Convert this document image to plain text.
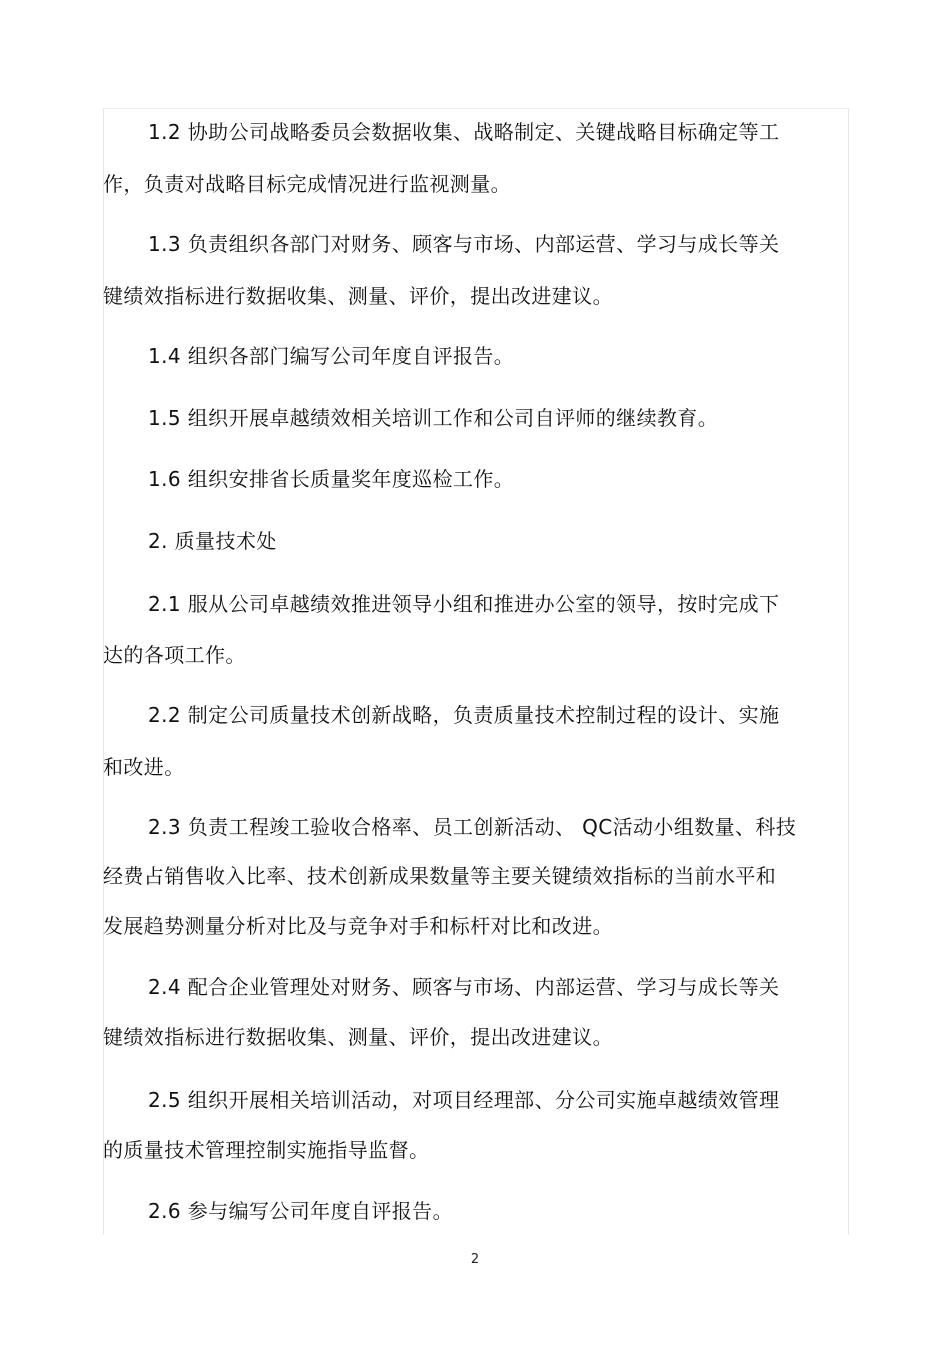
1.2 协助公司战略委员会数据收集、战略制定、关键战略目标确定等工
作，负责对战略目标完成情况进行监视测量。
1.3 负责组织各部门对财务、顾客与市场、内部运营、学习与成长等关
键绩效指标进行数据收集、测量、评价，提出改进建议。
1.4 组织各部门编写公司年度自评报告。
1.5 组织开展卓越绩效相关培训工作和公司自评师的继续教育。
1.6 组织安排省长质量奖年度巡检工作。
2. 质量技术处
2.1 服从公司卓越绩效推进领导小组和推进办公室的领导，按时完成下
达的各项工作。
2.2 制定公司质量技术创新战略，负责质量技术控制过程的设计、实施
和改进。
2.3 负责工程竣工验收合格率、员工创新活动、 QC活动小组数量、科技
经费占销售收入比率、技术创新成果数量等主要关键绩效指标的当前水平和
发展趋势测量分析对比及与竞争对手和标杆对比和改进。
2.4 配合企业管理处对财务、顾客与市场、内部运营、学习与成长等关
键绩效指标进行数据收集、测量、评价，提出改进建议。
2.5 组织开展相关培训活动，对项目经理部、分公司实施卓越绩效管理
的质量技术管理控制实施指导监督。
2.6 参与编写公司年度自评报告。
2
